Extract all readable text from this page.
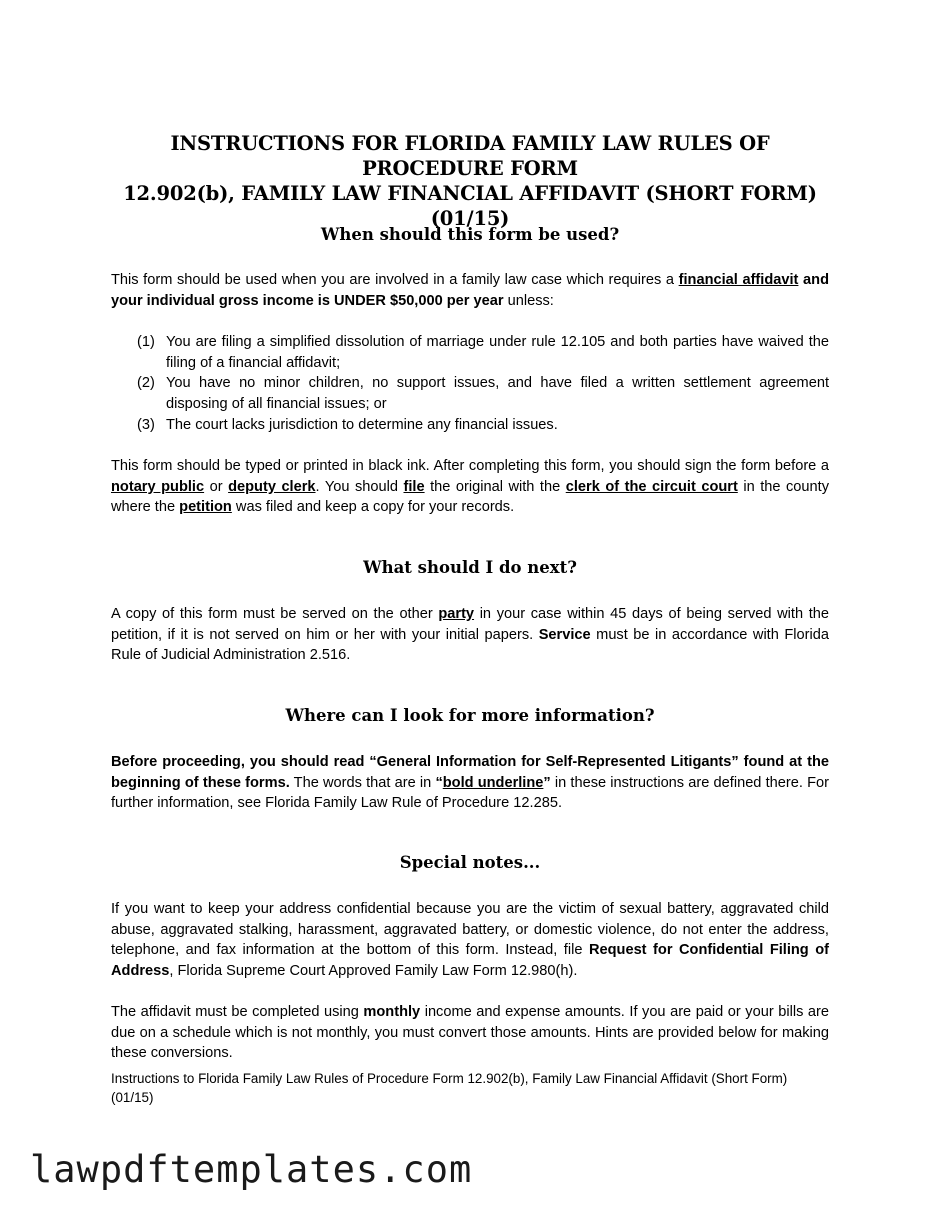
INSTRUCTIONS FOR FLORIDA FAMILY LAW RULES OF PROCEDURE FORM
12.902(b), FAMILY LAW FINANCIAL AFFIDAVIT (SHORT FORM) (01/15)
When should this form be used?
This form should be used when you are involved in a family law case which requires a financial affidavit and your individual gross income is UNDER $50,000 per year unless:
(1) You are filing a simplified dissolution of marriage under rule 12.105 and both parties have waived the filing of a financial affidavit;
(2) You have no minor children, no support issues, and have filed a written settlement agreement disposing of all financial issues; or
(3) The court lacks jurisdiction to determine any financial issues.
This form should be typed or printed in black ink. After completing this form, you should sign the form before a notary public or deputy clerk. You should file the original with the clerk of the circuit court in the county where the petition was filed and keep a copy for your records.
What should I do next?
A copy of this form must be served on the other party in your case within 45 days of being served with the petition, if it is not served on him or her with your initial papers. Service must be in accordance with Florida Rule of Judicial Administration 2.516.
Where can I look for more information?
Before proceeding, you should read “General Information for Self-Represented Litigants” found at the beginning of these forms. The words that are in “bold underline” in these instructions are defined there. For further information, see Florida Family Law Rule of Procedure 12.285.
Special notes...
If you want to keep your address confidential because you are the victim of sexual battery, aggravated child abuse, aggravated stalking, harassment, aggravated battery, or domestic violence, do not enter the address, telephone, and fax information at the bottom of this form. Instead, file Request for Confidential Filing of Address, Florida Supreme Court Approved Family Law Form 12.980(h).
The affidavit must be completed using monthly income and expense amounts. If you are paid or your bills are due on a schedule which is not monthly, you must convert those amounts. Hints are provided below for making these conversions.
Instructions to Florida Family Law Rules of Procedure Form 12.902(b), Family Law Financial Affidavit (Short Form) (01/15)
lawpdftemplates.com
